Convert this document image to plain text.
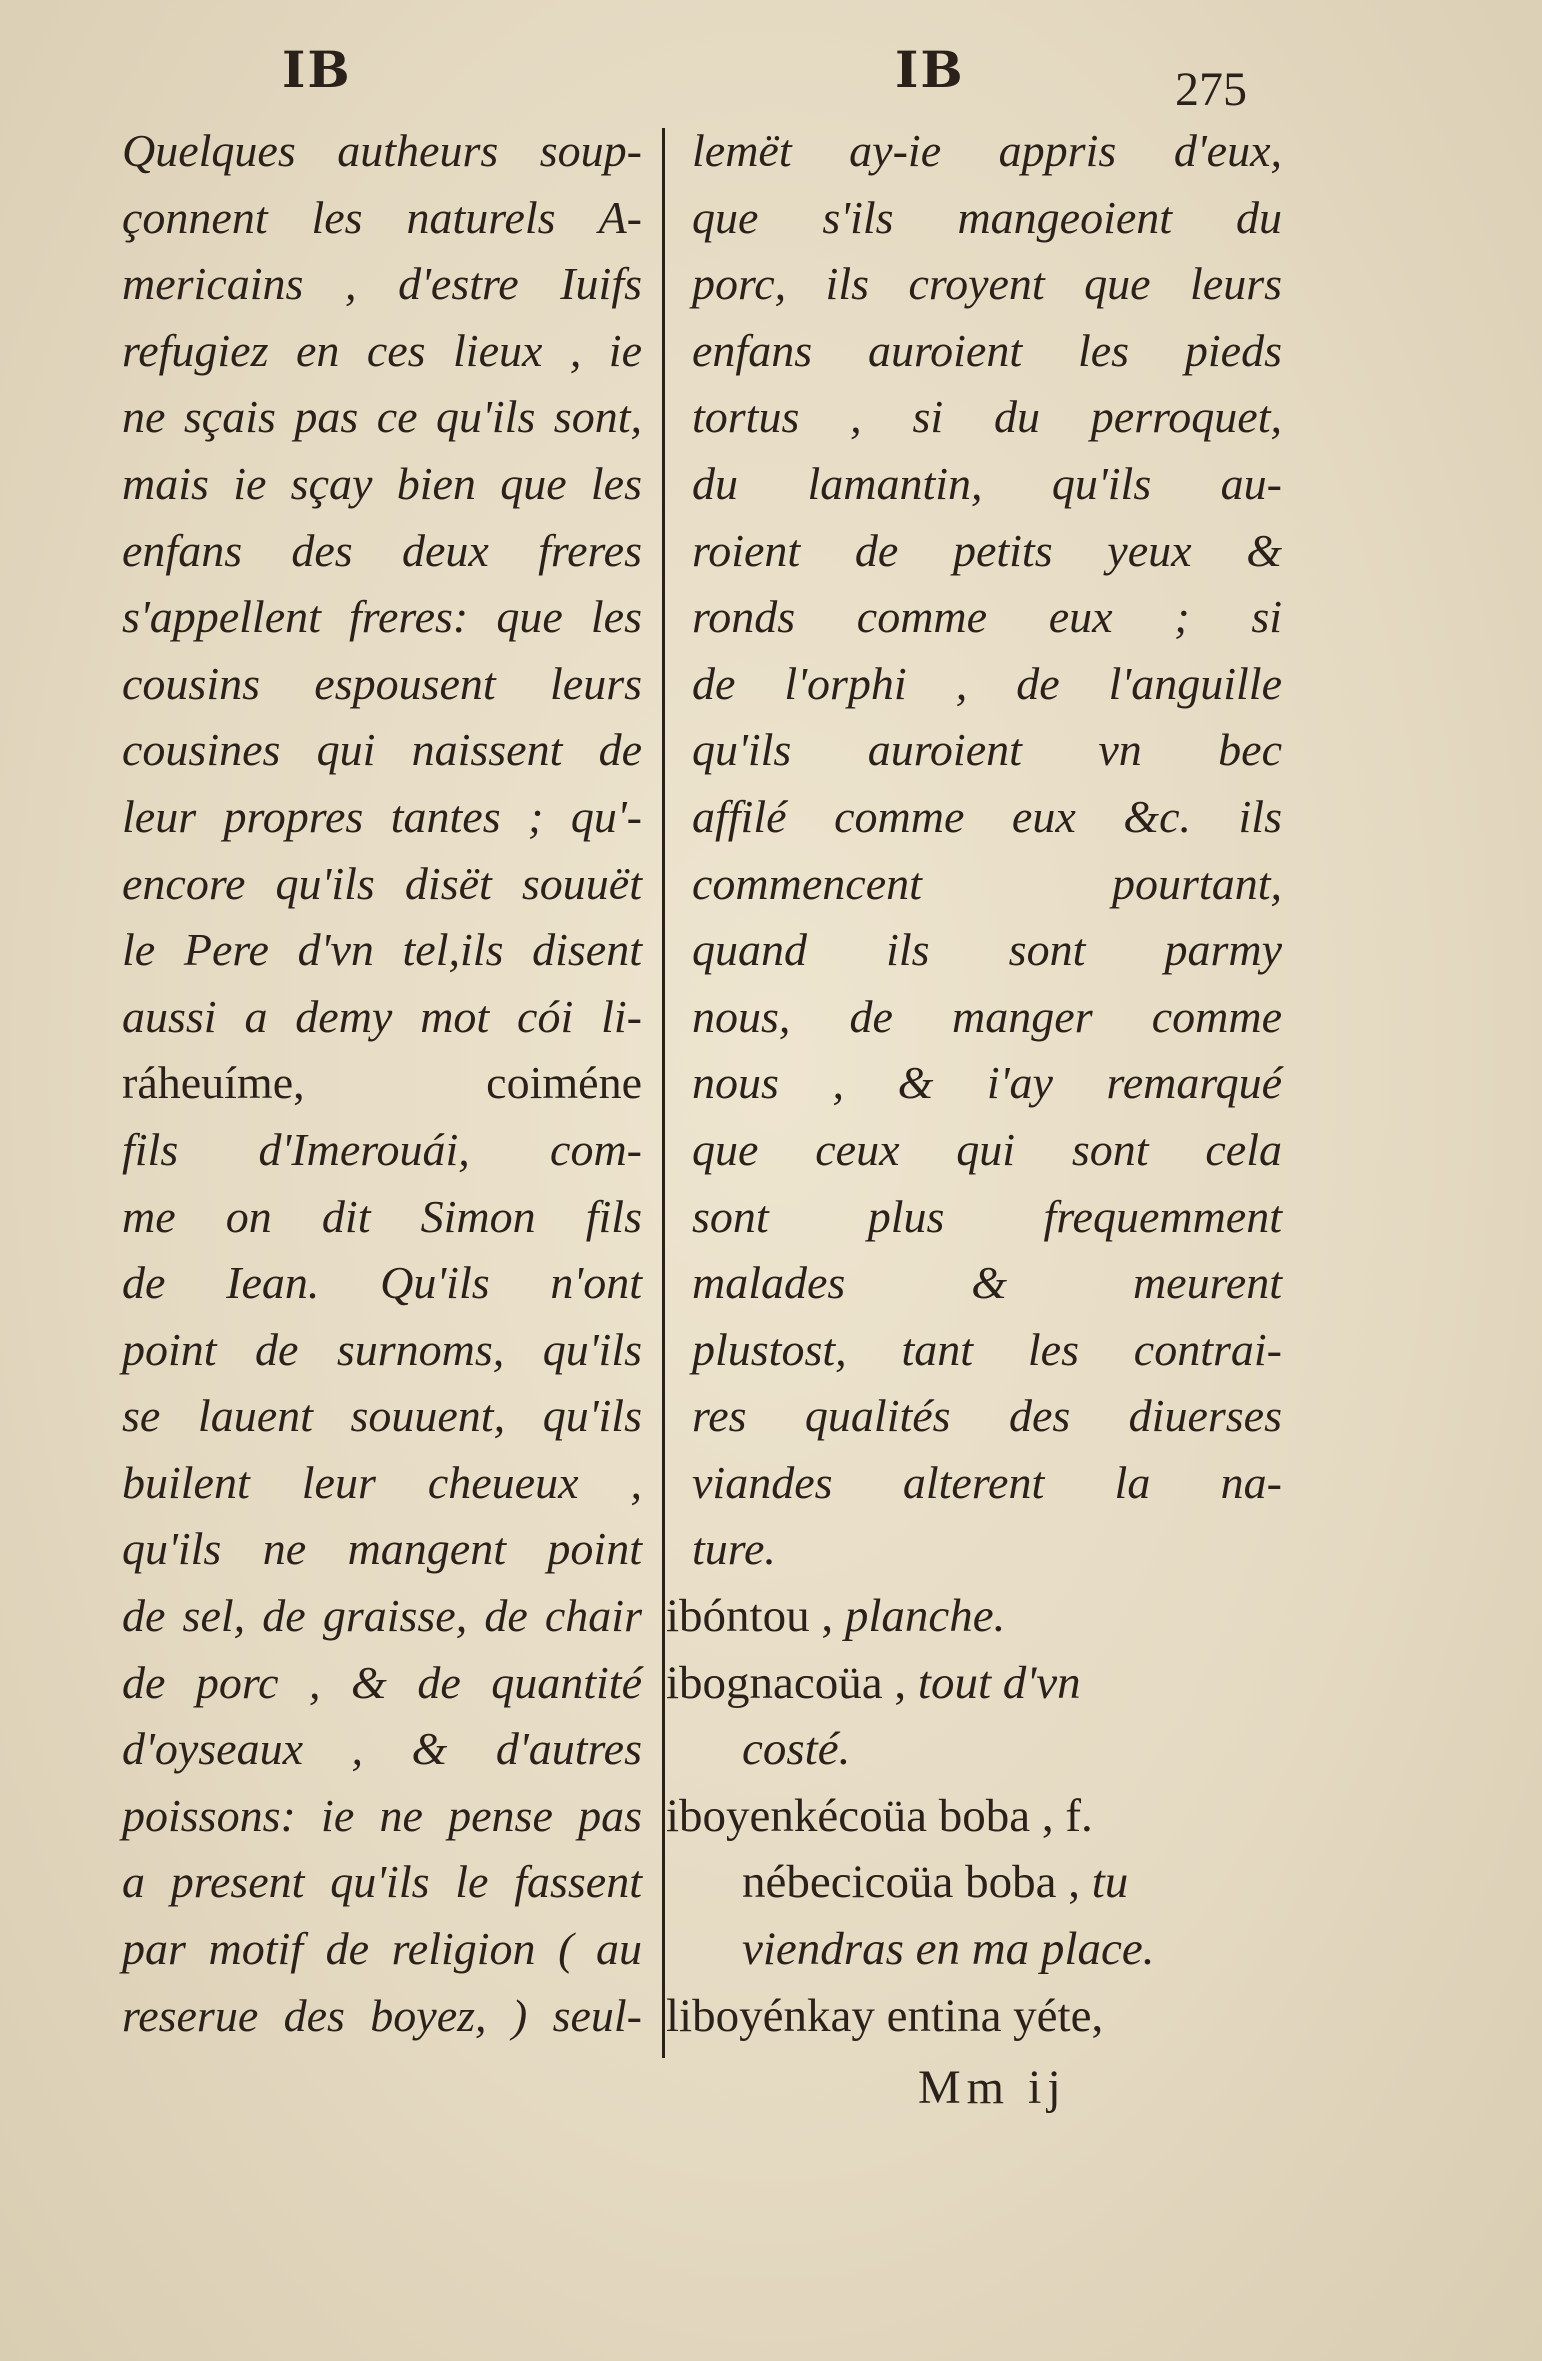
IB	IB	275
Quelques autheurs soup-
çonnent les naturels A-
mericains , d'estre Iuifs
refugiez en ces lieux , ie
ne sçais pas ce qu'ils sont,
mais ie sçay bien que les
enfans des deux freres
s'appellent freres: que les
cousins espousent leurs
cousines qui naissent de
leur propres tantes ; qu'-
encore qu'ils disët souuët
le Pere d'vn tel,ils disent
aussi a demy mot cói li-
ráheuíme, coiméne
fils d'Imerouái, com-
me on dit Simon fils
de Iean. Qu'ils n'ont
point de surnoms, qu'ils
se lauent souuent, qu'ils
builent leur cheueux ,
qu'ils ne mangent point
de sel, de graisse, de chair
de porc , & de quantité
d'oyseaux , & d'autres
poissons: ie ne pense pas
a present qu'ils le fassent
par motif de religion ( au
reserue des boyez, ) seul-
lemët ay-ie appris d'eux,
que s'ils mangeoient du
porc, ils croyent que leurs
enfans auroient les pieds
tortus , si du perroquet,
du lamantin, qu'ils au-
roient de petits yeux &
ronds comme eux ; si
de l'orphi , de l'anguille
qu'ils auroient vn bec
affilé comme eux &c. ils
commencent pourtant,
quand ils sont parmy
nous, de manger comme
nous , & i'ay remarqué
que ceux qui sont cela
sont plus frequemment
malades & meurent
plustost, tant les contrai-
res qualités des diuerses
viandes alterent la na-
ture.
ibóntou , planche.
ibognacoüa , tout d'vn
costé.
iboyenkécoüa boba , f.
nébecicoüa boba , tu
viendras en ma place.
liboyénkay entina yéte,
Mm ij
